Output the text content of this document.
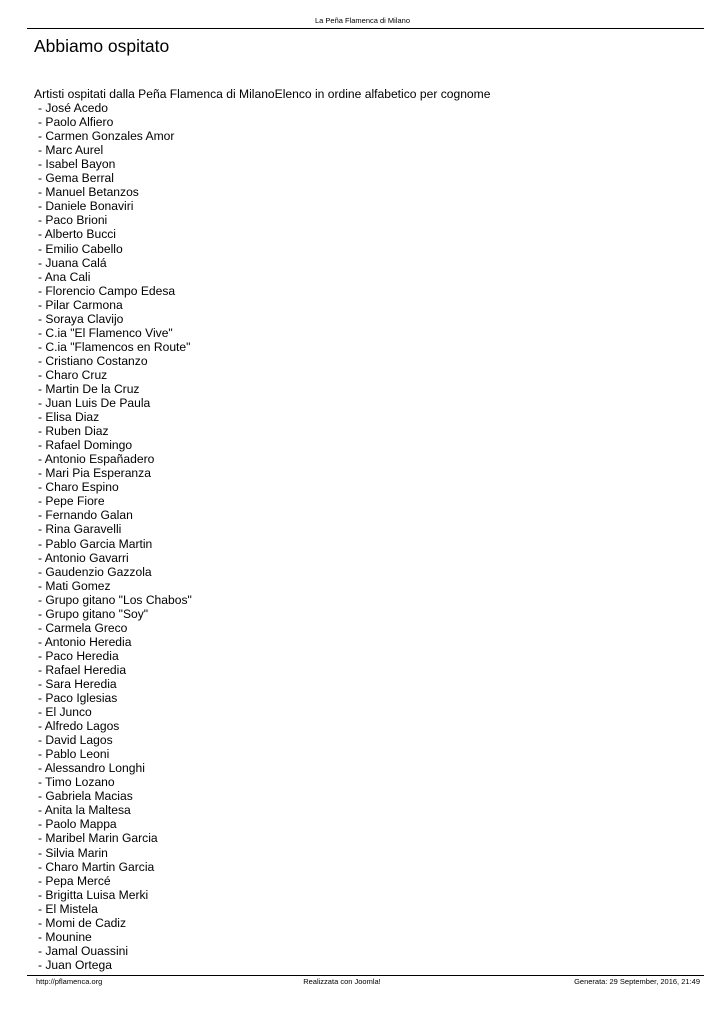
La Peña Flamenca di Milano
Abbiamo ospitato

Artisti ospitati dalla Peña Flamenca di MilanoElenco in ordine alfabetico per cognome

- José Acedo
- Paolo Alfiero
- Carmen Gonzales Amor
- Marc Aurel
- Isabel Bayon
- Gema Berral
- Manuel Betanzos
- Daniele Bonaviri
- Paco Brioni
- Alberto Bucci
- Emilio Cabello
- Juana Calá
- Ana Cali
- Florencio Campo Edesa
- Pilar Carmona
- Soraya Clavijo
- C.ia "El Flamenco Vive"
- C.ia "Flamencos en Route"
- Cristiano Costanzo
- Charo Cruz
- Martin De la Cruz
- Juan Luis De Paula
- Elisa Diaz
- Ruben Diaz
- Rafael Domingo
- Antonio Españadero
- Mari Pia Esperanza
- Charo Espino
- Pepe Fiore
- Fernando Galan
- Rina Garavelli
- Pablo Garcia Martin
- Antonio Gavarri
- Gaudenzio Gazzola
- Mati Gomez
- Grupo gitano "Los Chabos"
- Grupo gitano "Soy"
- Carmela Greco
- Antonio Heredia
- Paco Heredia
- Rafael Heredia
- Sara Heredia
- Paco Iglesias
- El Junco
- Alfredo Lagos
- David Lagos
- Pablo Leoni
- Alessandro Longhi
- Timo Lozano
- Gabriela Macias
- Anita la Maltesa
- Paolo Mappa
- Maribel Marin Garcia
- Silvia Marin
- Charo Martin Garcia
- Pepa Mercé
- Brigitta Luisa Merki
- El Mistela
- Momi de Cadiz
- Mounine
- Jamal Ouassini
- Juan Ortega
http://pflamenca.org	Realizzata con Joomla!	Generata: 29 September, 2016, 21:49
